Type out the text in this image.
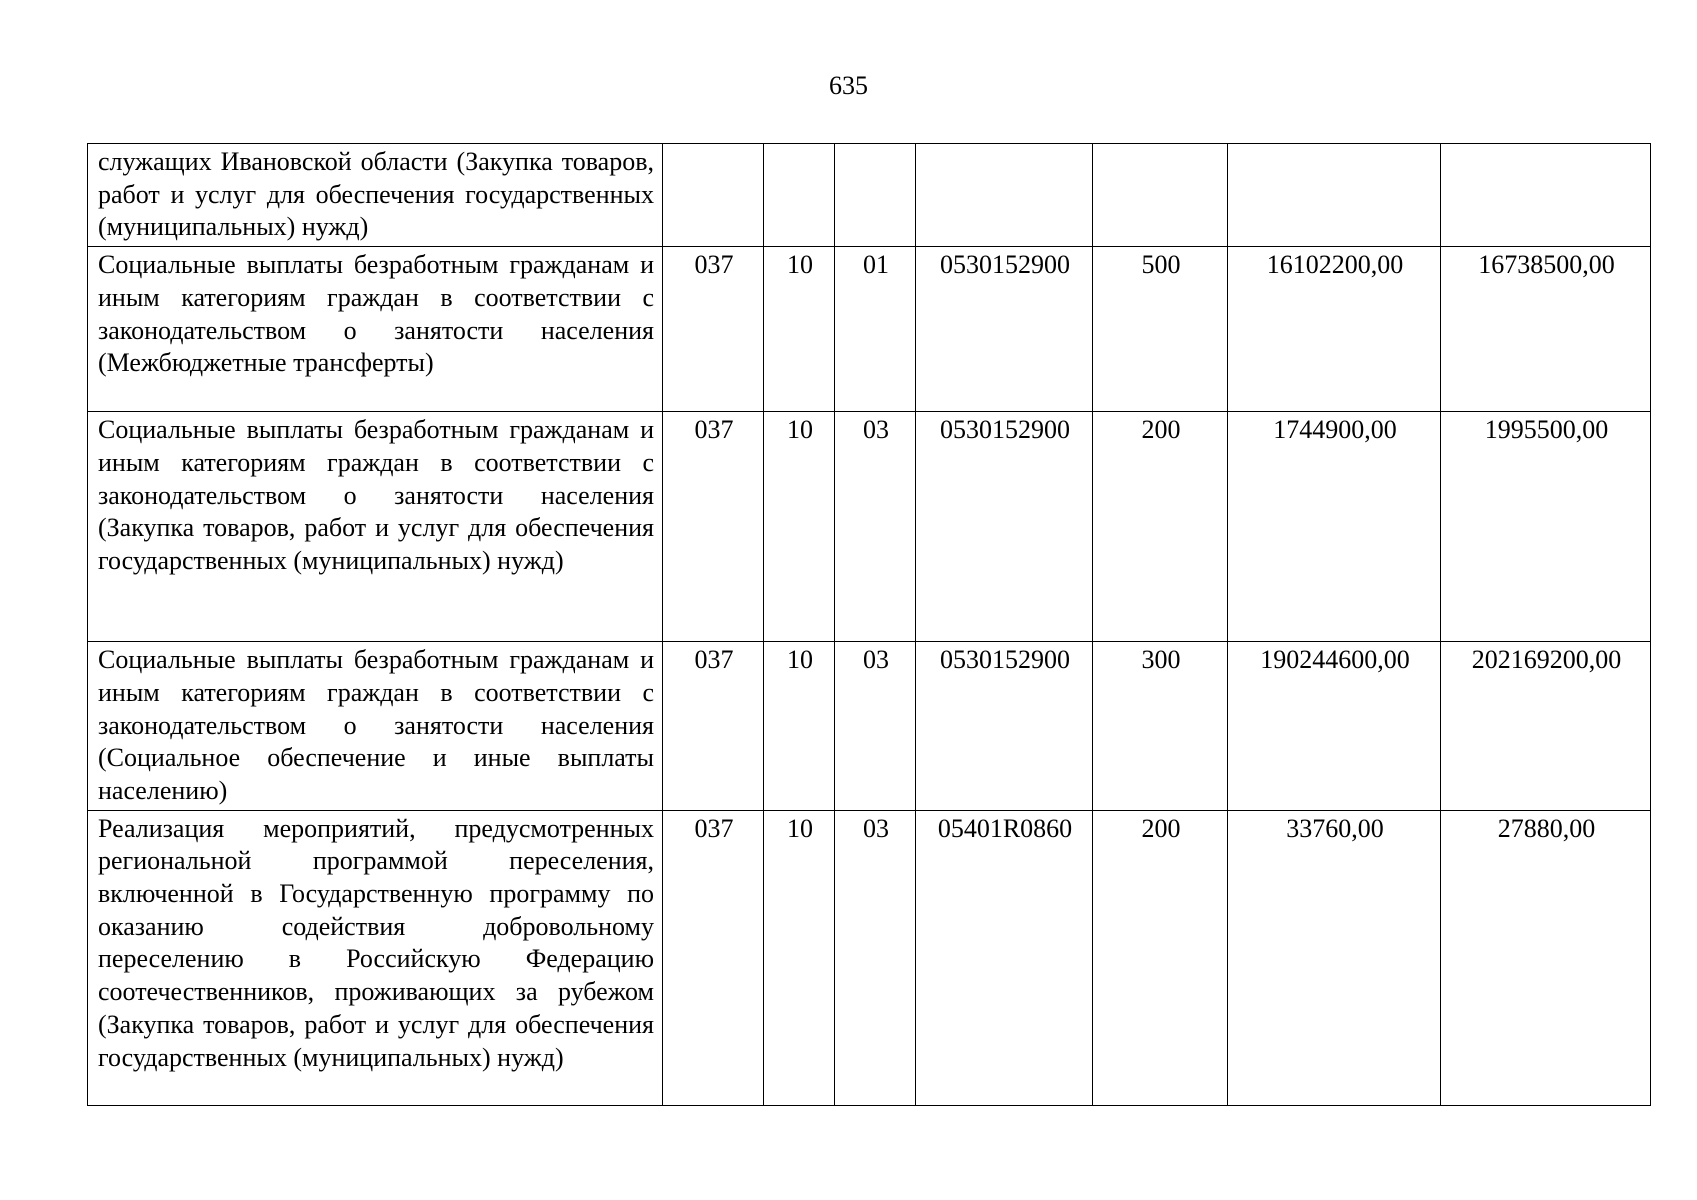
635
служащих Ивановской области (Закупка товаров, работ и услуг для обеспечения государственных (муниципальных) нужд)							
Социальные выплаты безработным гражданам и иным категориям граждан в соответствии с законодательством о занятости населения (Межбюджетные трансферты)	037	10	01	0530152900	500	16102200,00	16738500,00
Социальные выплаты безработным гражданам и иным категориям граждан в соответствии с законодательством о занятости населения (Закупка товаров, работ и услуг для обеспечения государственных (муниципальных) нужд)	037	10	03	0530152900	200	1744900,00	1995500,00
Социальные выплаты безработным гражданам и иным категориям граждан в соответствии с законодательством о занятости населения (Социальное обеспечение и иные выплаты населению)	037	10	03	0530152900	300	190244600,00	202169200,00
Реализация мероприятий, предусмотренных региональной программой переселения, включенной в Государственную программу по оказанию содействия добровольному переселению в Российскую Федерацию соотечественников, проживающих за рубежом (Закупка товаров, работ и услуг для обеспечения государственных (муниципальных) нужд)	037	10	03	05401R0860	200	33760,00	27880,00
